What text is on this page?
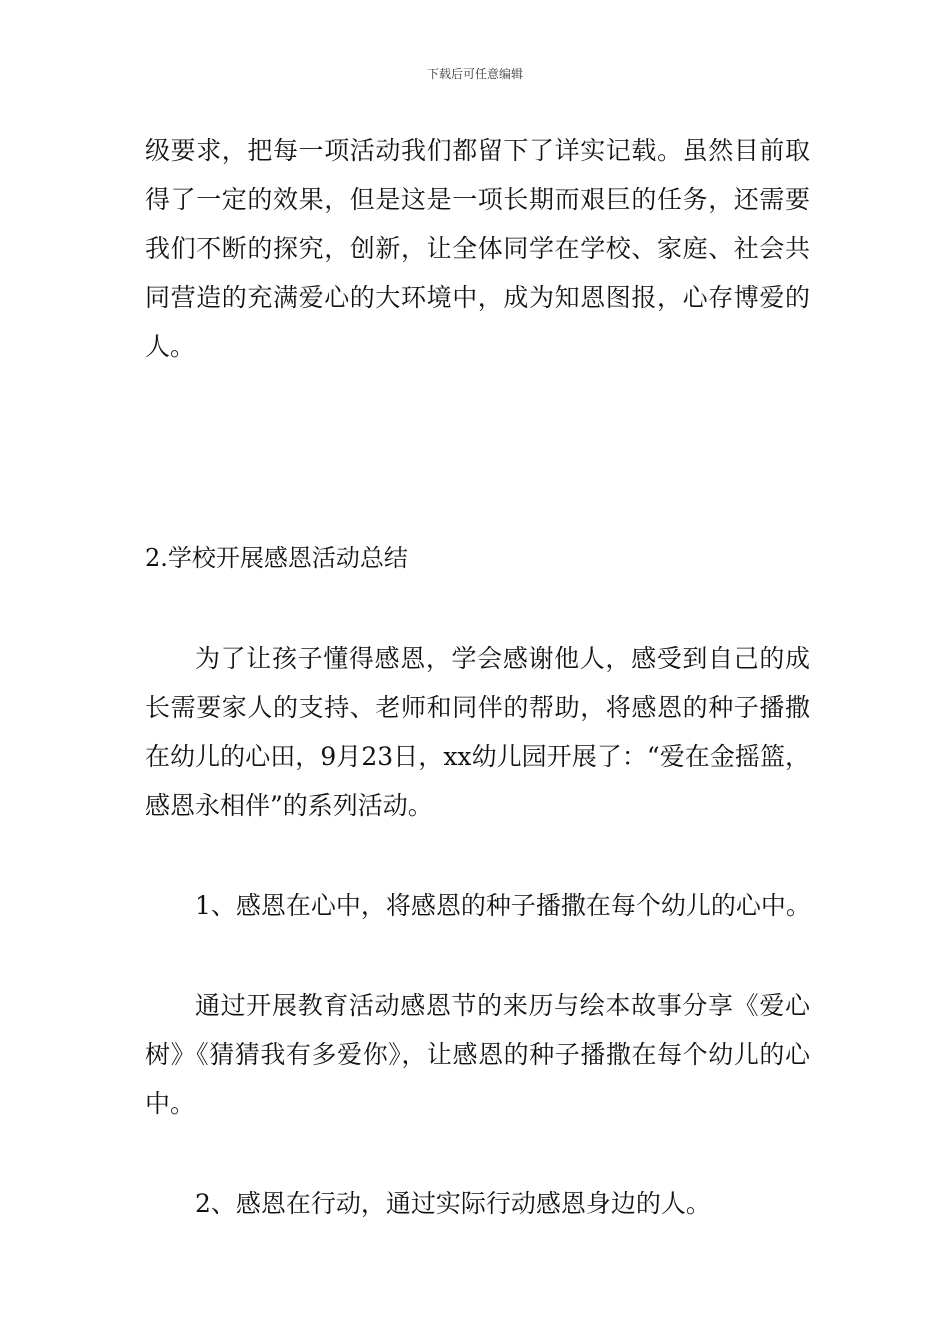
下载后可任意编辑

级要求，把每一项活动我们都留下了详实记载。虽然目前取得了一定的效果，但是这是一项长期而艰巨的任务，还需要我们不断的探究，创新，让全体同学在学校、家庭、社会共同营造的充满爱心的大环境中，成为知恩图报，心存博爱的人。

2.学校开展感恩活动总结

为了让孩子懂得感恩，学会感谢他人，感受到自己的成长需要家人的支持、老师和同伴的帮助，将感恩的种子播撒在幼儿的心田，9月23日，xx幼儿园开展了：“爱在金摇篮，感恩永相伴”的系列活动。

1、感恩在心中，将感恩的种子播撒在每个幼儿的心中。

通过开展教育活动感恩节的来历与绘本故事分享《爱心树》《猜猜我有多爱你》，让感恩的种子播撒在每个幼儿的心中。

2、感恩在行动，通过实际行动感恩身边的人。
